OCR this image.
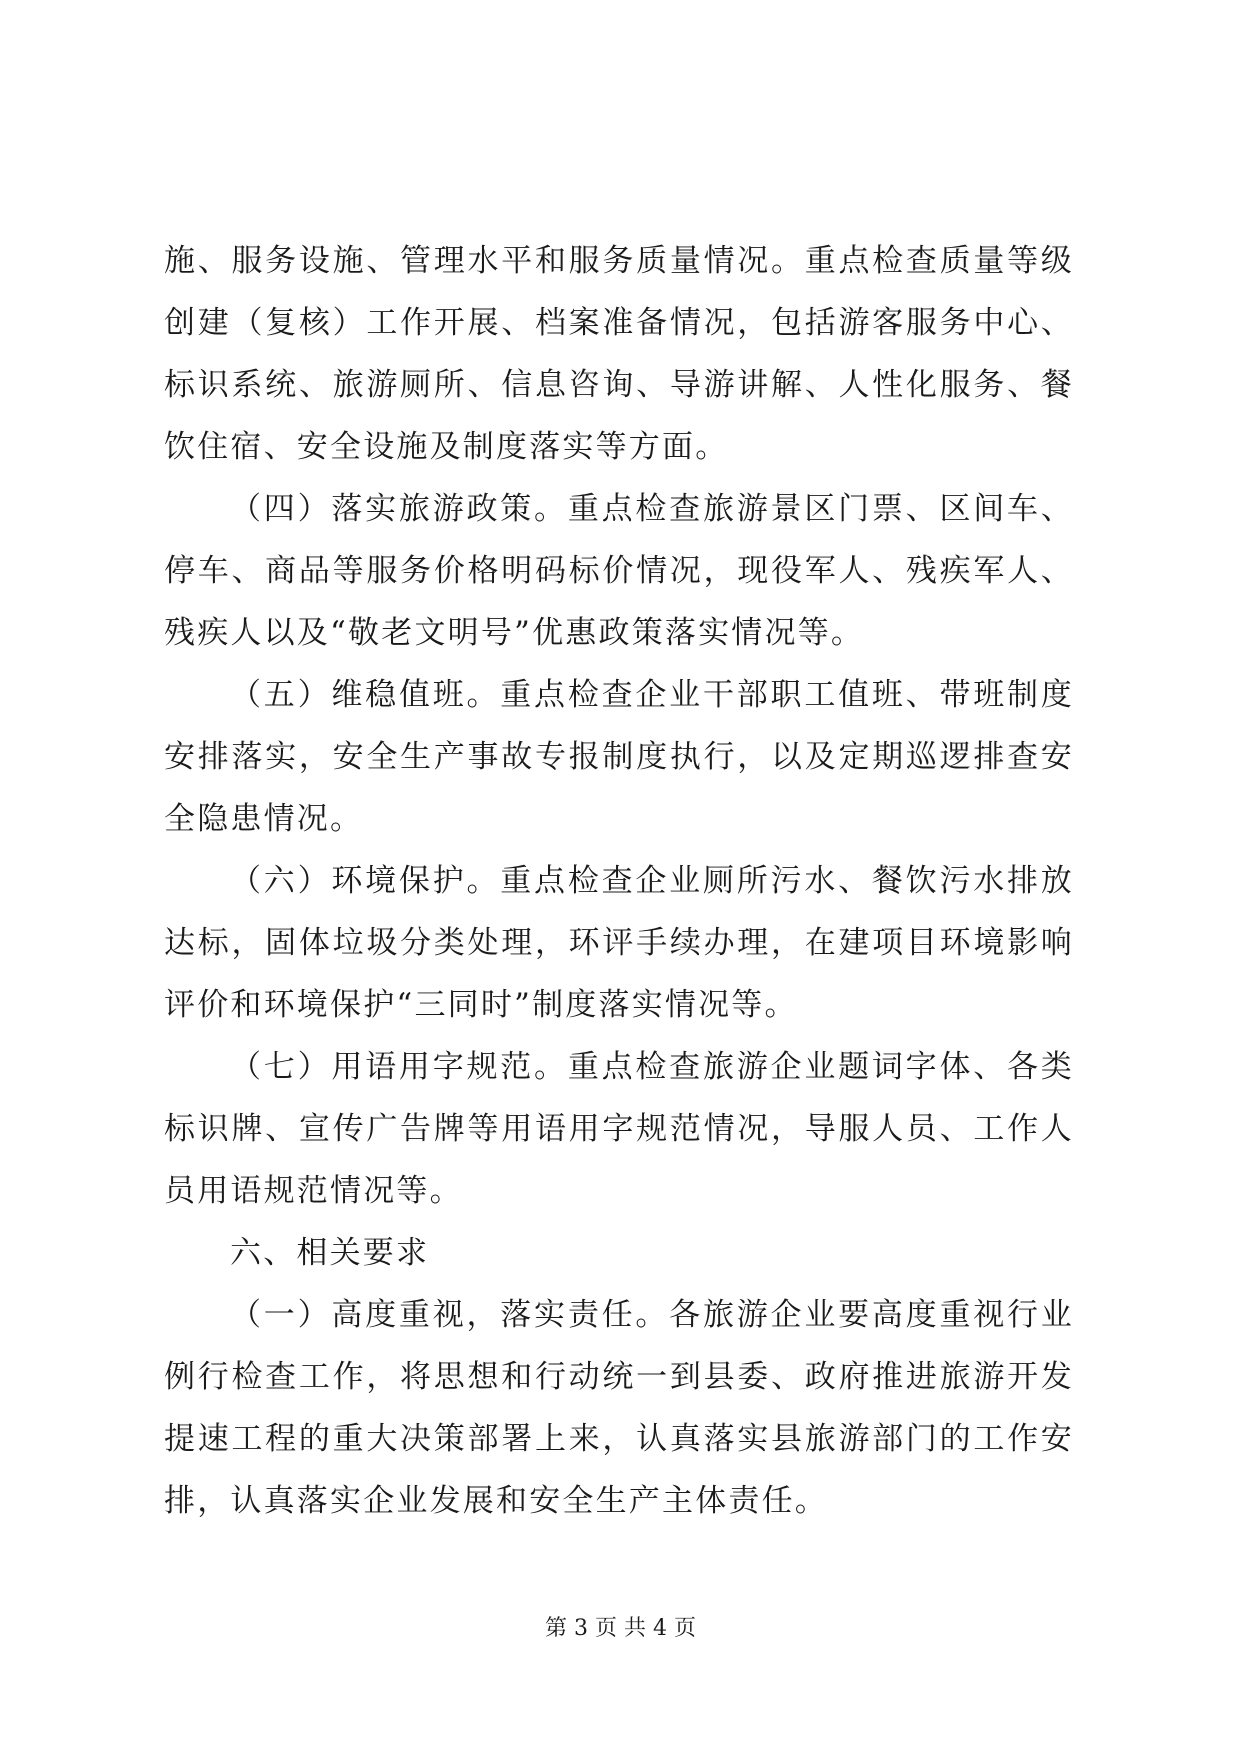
施、服务设施、管理水平和服务质量情况。重点检查质量等级创建（复核）工作开展、档案准备情况，包括游客服务中心、标识系统、旅游厕所、信息咨询、导游讲解、人性化服务、餐饮住宿、安全设施及制度落实等方面。

（四）落实旅游政策。重点检查旅游景区门票、区间车、停车、商品等服务价格明码标价情况，现役军人、残疾军人、残疾人以及“敬老文明号”优惠政策落实情况等。

（五）维稳值班。重点检查企业干部职工值班、带班制度安排落实，安全生产事故专报制度执行，以及定期巡逻排查安全隐患情况。

（六）环境保护。重点检查企业厕所污水、餐饮污水排放达标，固体垃圾分类处理，环评手续办理，在建项目环境影响评价和环境保护“三同时”制度落实情况等。

（七）用语用字规范。重点检查旅游企业题词字体、各类标识牌、宣传广告牌等用语用字规范情况，导服人员、工作人员用语规范情况等。

六、相关要求

（一）高度重视，落实责任。各旅游企业要高度重视行业例行检查工作，将思想和行动统一到县委、政府推进旅游开发提速工程的重大决策部署上来，认真落实县旅游部门的工作安排，认真落实企业发展和安全生产主体责任。

第 3 页 共 4 页
